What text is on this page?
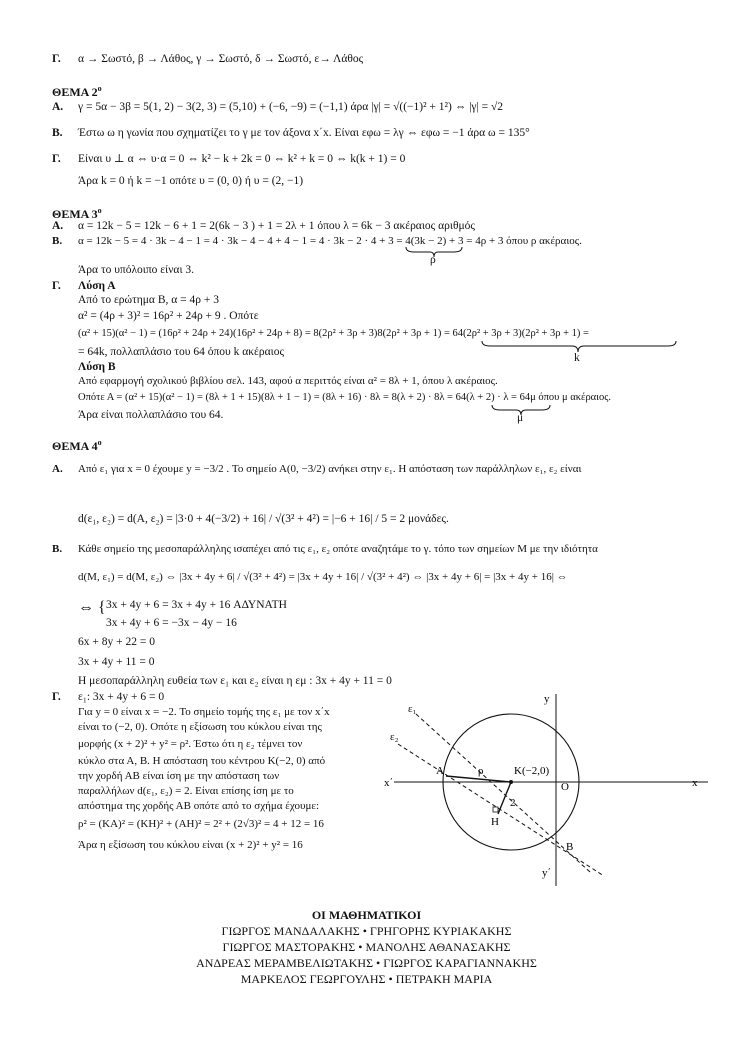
Γ. α → Σωστό, β → Λάθος, γ → Σωστό, δ → Σωστό, ε→ Λάθος
ΘΕΜΑ $2^o$
Α. γ = 5α − 3β = 5(1, 2) − 3(2, 3) = (5,10) + (−6, −9) = (−1,1) άρα |γ| = √((−1)² + 1²) ⇔ |γ| = √2
Β. Έστω ω η γωνία που σχηματίζει το γ με τον άξονα x΄x. Είναι εφω = λγ ⇔ εφω = −1 άρα ω = 135°
Γ. Είναι υ ⊥ α ⇔ υ·α = 0 ⇔ k² − k + 2k = 0 ⇔ k² + k = 0 ⇔ k(k + 1) = 0
Άρα k = 0 ή k = −1 οπότε υ = (0, 0) ή υ = (2, −1)
ΘΕΜΑ $3^o$
Α. α = 12k − 5 = 12k − 6 + 1 = 2(6k − 3 ) + 1 = 2λ + 1 όπου λ = 6k − 3 ακέραιος αριθμός
Β. α = 12k − 5 = 4 · 3k − 4 − 1 = 4 · 3k − 4 − 4 + 4 − 1 = 4 · 3k − 2 · 4 + 3 = 4(3k − 2) + 3 = 4ρ + 3 όπου ρ ακέραιος.
ρ
Άρα το υπόλοιπο είναι 3.
Γ. Λύση Α
Από το ερώτημα Β, α = 4ρ + 3
α² = (4ρ + 3)² = 16ρ² + 24ρ + 9 . Οπότε
(α² + 15)(α² − 1) = (16ρ² + 24ρ + 24)(16ρ² + 24ρ + 8) = 8(2ρ² + 3ρ + 3)8(2ρ² + 3ρ + 1) = 64(2ρ² + 3ρ + 3)(2ρ² + 3ρ + 1) =
k
= 64k, πολλαπλάσιο του 64 όπου k ακέραιος
Λύση Β
Από εφαρμογή σχολικού βιβλίου σελ. 143, αφού α περιττός είναι α² = 8λ + 1, όπου λ ακέραιος.
Οπότε Α = (α² + 15)(α² − 1) = (8λ + 1 + 15)(8λ + 1 − 1) = (8λ + 16) · 8λ = 8(λ + 2) · 8λ = 64(λ + 2) · λ = 64μ όπου μ ακέραιος.
μ
Άρα είναι πολλαπλάσιο του 64.
ΘΕΜΑ $4^o$
Α. Από ε₁ για x = 0 έχουμε y = −3/2 . Το σημείο Α(0, −3/2) ανήκει στην ε₁. Η απόσταση των παράλληλων ε₁, ε₂ είναι
d(ε₁, ε₂) = d(A, ε₂) = |3·0 + 4(−3/2) + 16| / √(3² + 4²) = |−6 + 16| / 5 = 2 μονάδες.
Β. Κάθε σημείο της μεσοπαράλληλης ισαπέχει από τις ε₁, ε₂ οπότε αναζητάμε το γ. τόπο των σημείων Μ με την ιδιότητα
d(M, ε₁) = d(M, ε₂) ⇔ |3x + 4y + 6| / √(3² + 4²) = |3x + 4y + 16| / √(3² + 4²) ⇔ |3x + 4y + 6| = |3x + 4y + 16| ⇔
⇔ { 3x + 4y + 6 = 3x + 4y + 16 ΑΔΥΝΑΤΗ
3x + 4y + 6 = −3x − 4y − 16
6x + 8y + 22 = 0
3x + 4y + 11 = 0
Η μεσοπαράλληλη ευθεία των ε₁ και ε₂ είναι η εμ : 3x + 4y + 11 = 0
Γ. ε₁: 3x + 4y + 6 = 0
Για y = 0 είναι x = −2. Το σημείο τομής της ε₁ με τον x΄x
είναι το (−2, 0). Οπότε η εξίσωση του κύκλου είναι της
μορφής (x + 2)² + y² = ρ². Έστω ότι η ε₂ τέμνει τον
κύκλο στα Α, Β. Η απόσταση του κέντρου Κ(−2, 0) από
την χορδή ΑΒ είναι ίση με την απόσταση των
παραλλήλων d(ε₁, ε₂) = 2. Είναι επίσης ίση με το
απόστημα της χορδής ΑΒ οπότε από το σχήμα έχουμε:
ρ² = (ΚΑ)² = (ΚΗ)² + (ΑΗ)² = 2² + (2√3)² = 4 + 12 = 16
Άρα η εξίσωση του κύκλου είναι (x + 2)² + y² = 16
ε₁
ε₂
y
y΄
x΄	x
Α	ρ	Κ(−2,0)
Ο
2
Η
Β
ΟΙ ΜΑΘΗΜΑΤΙΚΟΙ
ΓΙΩΡΓΟΣ ΜΑΝΔΑΛΑΚΗΣ • ΓΡΗΓΟΡΗΣ ΚΥΡΙΑΚΑΚΗΣ
ΓΙΩΡΓΟΣ ΜΑΣΤΟΡΑΚΗΣ • ΜΑΝΟΛΗΣ ΑΘΑΝΑΣΑΚΗΣ
ΑΝΔΡΕΑΣ ΜΕΡΑΜΒΕΛΙΩΤΑΚΗΣ • ΓΙΩΡΓΟΣ ΚΑΡΑΓΙΑΝΝΑΚΗΣ
ΜΑΡΚΕΛΟΣ ΓΕΩΡΓΟΥΛΗΣ • ΠΕΤΡΑΚΗ ΜΑΡΙΑ
